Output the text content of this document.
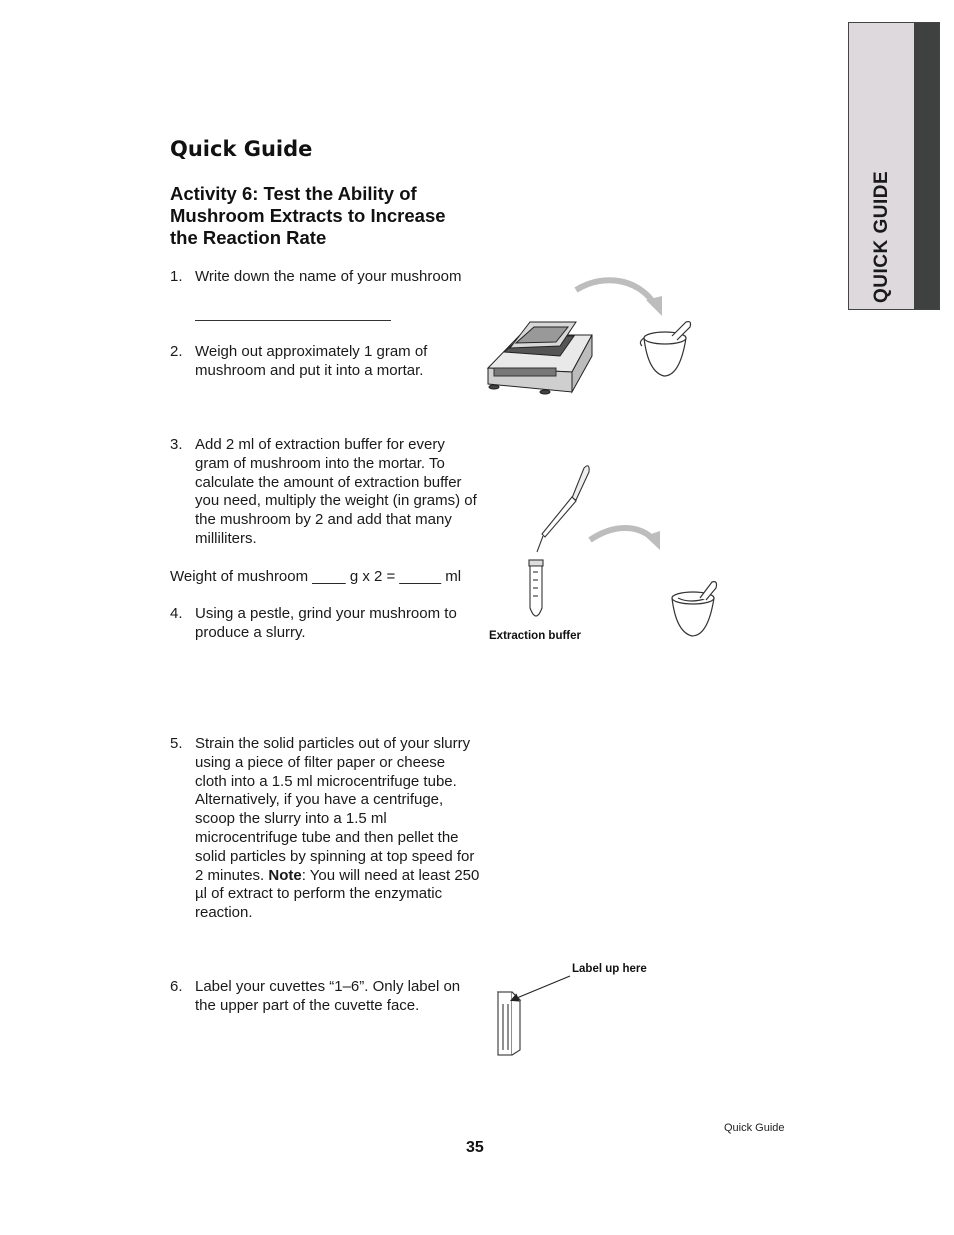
QUICK GUIDE
Quick Guide
Activity 6: Test the Ability of Mushroom Extracts to Increase the Reaction Rate
1. Write down the name of your mushroom
2. Weigh out approximately 1 gram of mushroom and put it into a mortar.
3. Add 2 ml of extraction buffer for every gram of mushroom into the mortar. To calculate the amount of extraction buffer you need, multiply the weight (in grams) of the mushroom by 2 and add that many milliliters.
Weight of mushroom ____ g x 2 = _____ ml
4. Using a pestle, grind your mushroom to produce a slurry.
5. Strain the solid particles out of your slurry using a piece of filter paper or cheese cloth into a 1.5 ml microcentrifuge tube. Alternatively, if you have a centrifuge, scoop the slurry into a 1.5 ml microcentrifuge tube and then pellet the solid particles by spinning at top speed for 2 minutes. Note: You will need at least 250 µl of extract to perform the enzymatic reaction.
6. Label your cuvettes “1–6”. Only label on the upper part of the cuvette face.
Extraction buffer
Label up here
Quick Guide
35
